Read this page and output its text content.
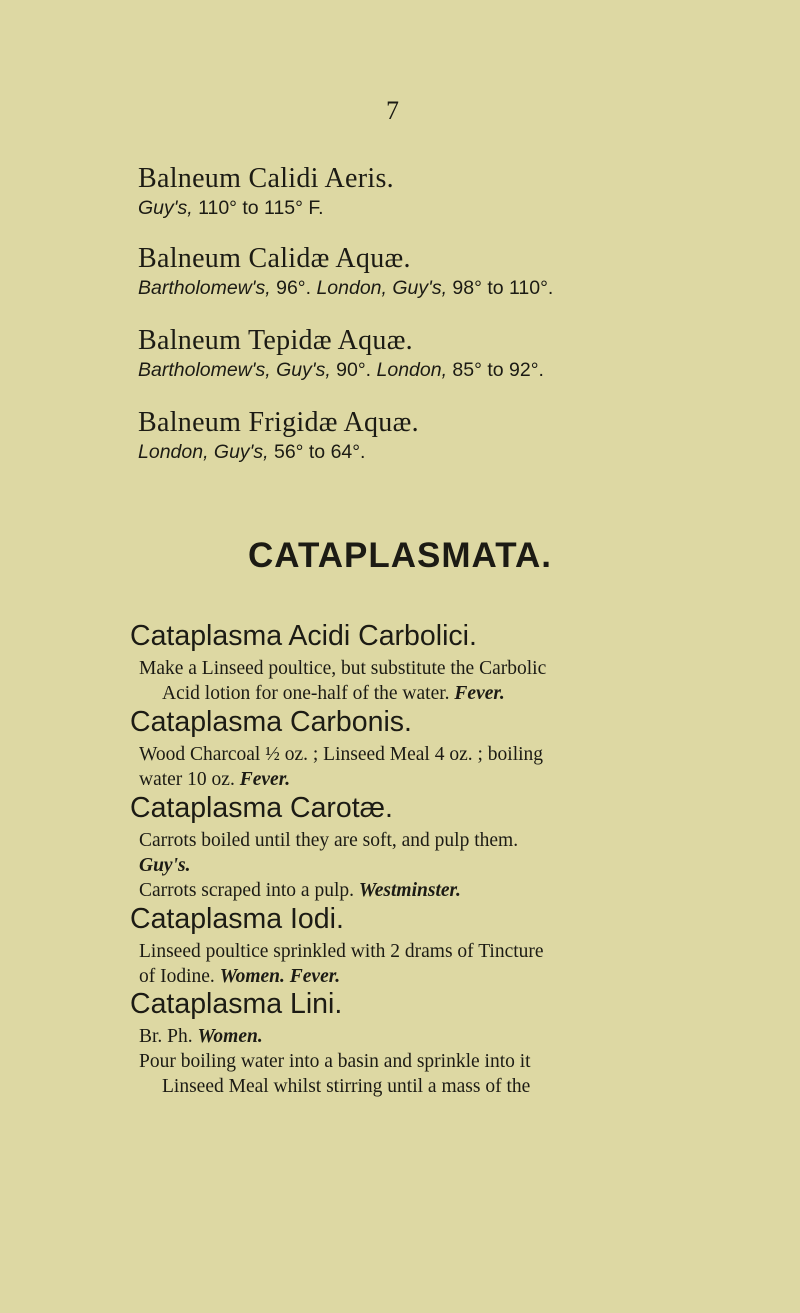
7
Balneum Calidi Aeris.
Guy's, 110° to 115° F.
Balneum Calidæ Aquæ.
Bartholomew's, 96°. London, Guy's, 98° to 110°.
Balneum Tepidæ Aquæ.
Bartholomew's, Guy's, 90°. London, 85° to 92°.
Balneum Frigidæ Aquæ.
London, Guy's, 56° to 64°.
CATAPLASMATA.
Cataplasma Acidi Carbolici.
Make a Linseed poultice, but substitute the Carbolic
Acid lotion for one-half of the water. Fever.
Cataplasma Carbonis.
Wood Charcoal ½ oz. ; Linseed Meal 4 oz. ; boiling
water 10 oz. Fever.
Cataplasma Carotæ.
Carrots boiled until they are soft, and pulp them.
Guy's.
Carrots scraped into a pulp. Westminster.
Cataplasma Iodi.
Linseed poultice sprinkled with 2 drams of Tincture
of Iodine. Women. Fever.
Cataplasma Lini.
Br. Ph. Women.
Pour boiling water into a basin and sprinkle into it
Linseed Meal whilst stirring until a mass of the
